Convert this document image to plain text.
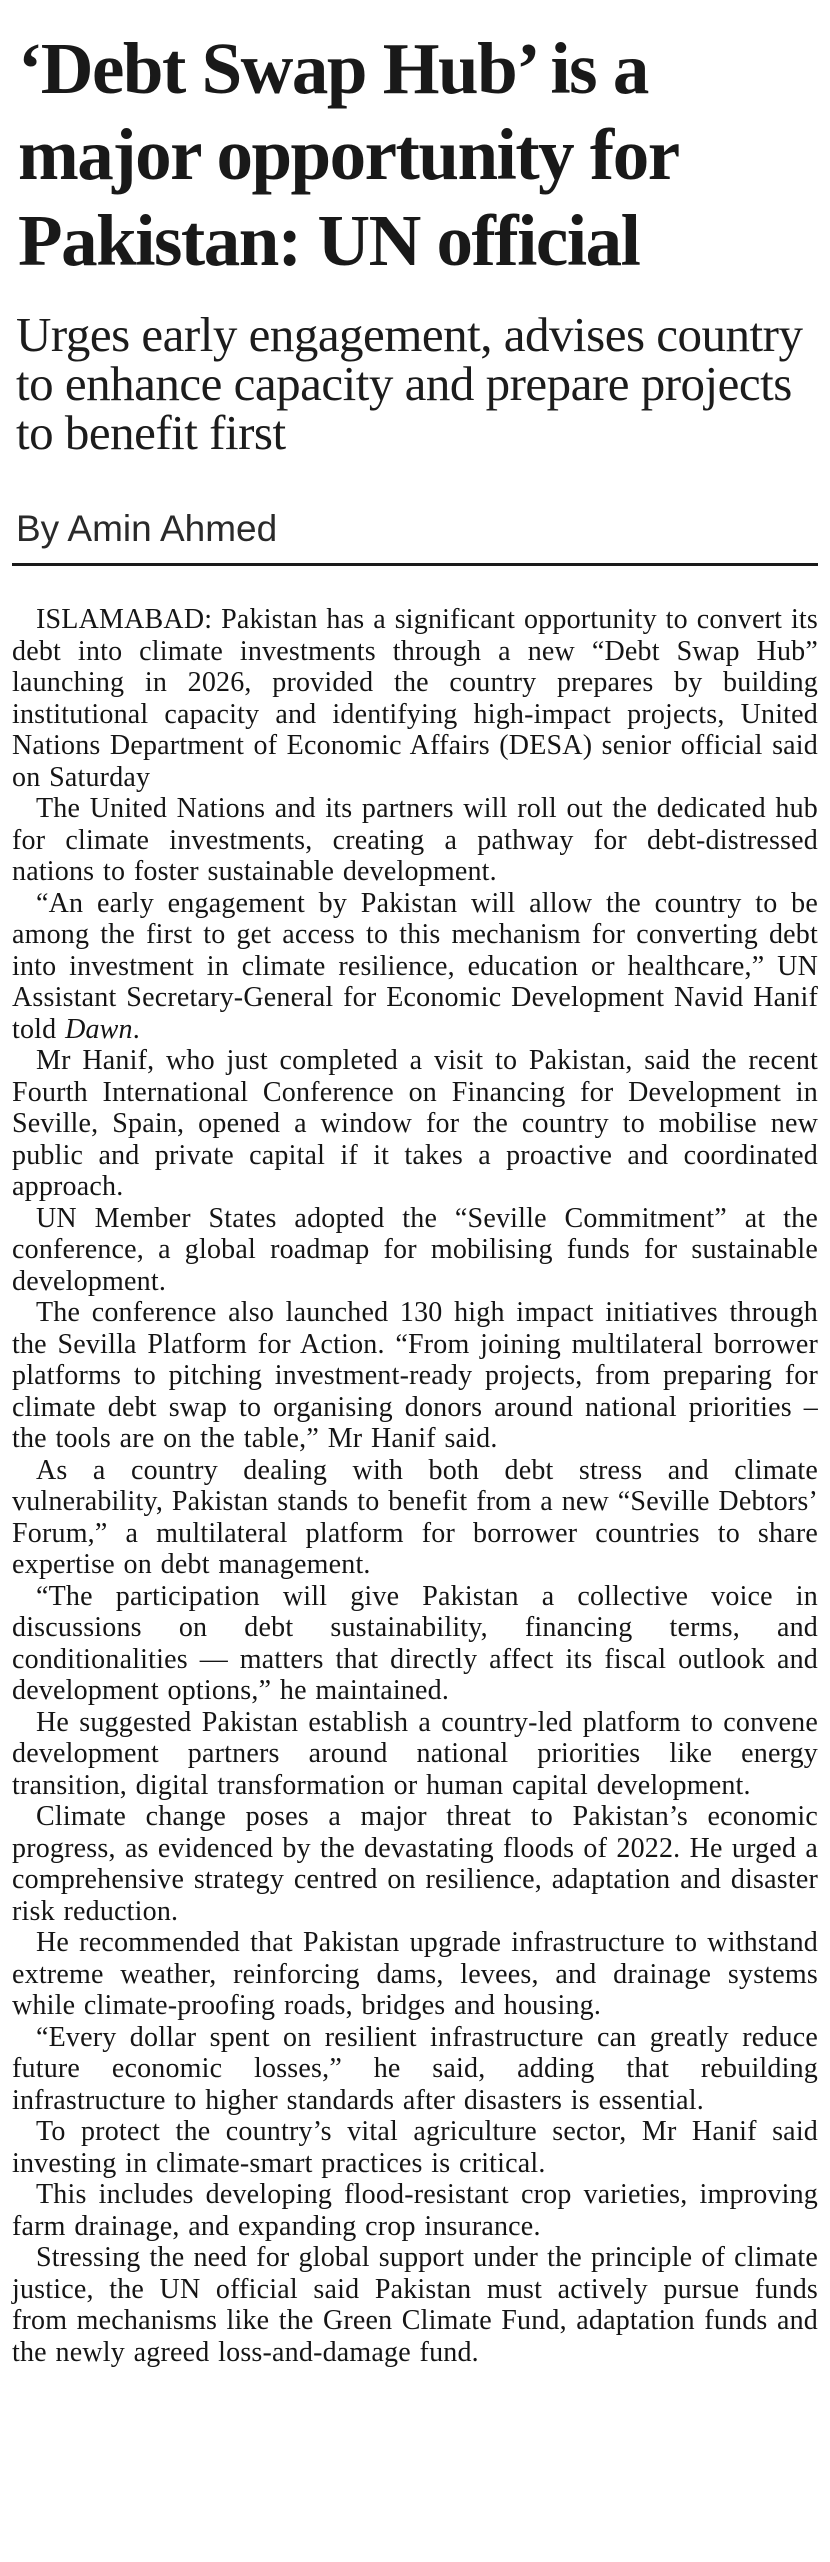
‘Debt Swap Hub’ is a major opportunity for Pakistan: UN official
Urges early engagement, advises country to enhance capacity and prepare projects to benefit first
By Amin Ahmed

ISLAMABAD: Pakistan has a significant opportunity to convert its debt into climate investments through a new “Debt Swap Hub” launching in 2026, provided the country prepares by building institutional capacity and identifying high-impact projects, United Nations Department of Economic Affairs (DESA) senior official said on Saturday

The United Nations and its partners will roll out the dedicated hub for climate investments, creating a pathway for debt-distressed nations to foster sustainable development.

“An early engagement by Pakistan will allow the country to be among the first to get access to this mechanism for converting debt into investment in climate resilience, education or healthcare,” UN Assistant Secretary-General for Economic Development Navid Hanif told Dawn.

Mr Hanif, who just completed a visit to Pakistan, said the recent Fourth International Conference on Financing for Development in Seville, Spain, opened a window for the country to mobilise new public and private capital if it takes a proactive and coordinated approach.

UN Member States adopted the “Seville Commitment” at the conference, a global roadmap for mobilising funds for sustainable development.

The conference also launched 130 high impact initiatives through the Sevilla Platform for Action. “From joining multilateral borrower platforms to pitching investment-ready projects, from preparing for climate debt swap to organising donors around national priorities – the tools are on the table,” Mr Hanif said.

As a country dealing with both debt stress and climate vulnerability, Pakistan stands to benefit from a new “Seville Debtors’ Forum,” a multilateral platform for borrower countries to share expertise on debt management.

“The participation will give Pakistan a collective voice in discussions on debt sustainability, financing terms, and conditionalities — matters that directly affect its fiscal outlook and development options,” he maintained.

He suggested Pakistan establish a country-led platform to convene development partners around national priorities like energy transition, digital transformation or human capital development.

Climate change poses a major threat to Pakistan’s economic progress, as evidenced by the devastating floods of 2022. He urged a comprehensive strategy centred on resilience, adaptation and disaster risk reduction.

He recommended that Pakistan upgrade infrastructure to withstand extreme weather, reinforcing dams, levees, and drainage systems while climate-proofing roads, bridges and housing.

“Every dollar spent on resilient infrastructure can greatly reduce future economic losses,” he said, adding that rebuilding infrastructure to higher standards after disasters is essential.

To protect the country’s vital agriculture sector, Mr Hanif said investing in climate-smart practices is critical.

This includes developing flood-resistant crop varieties, improving farm drainage, and expanding crop insurance.

Stressing the need for global support under the principle of climate justice, the UN official said Pakistan must actively pursue funds from mechanisms like the Green Climate Fund, adaptation funds and the newly agreed loss-and-damage fund.
